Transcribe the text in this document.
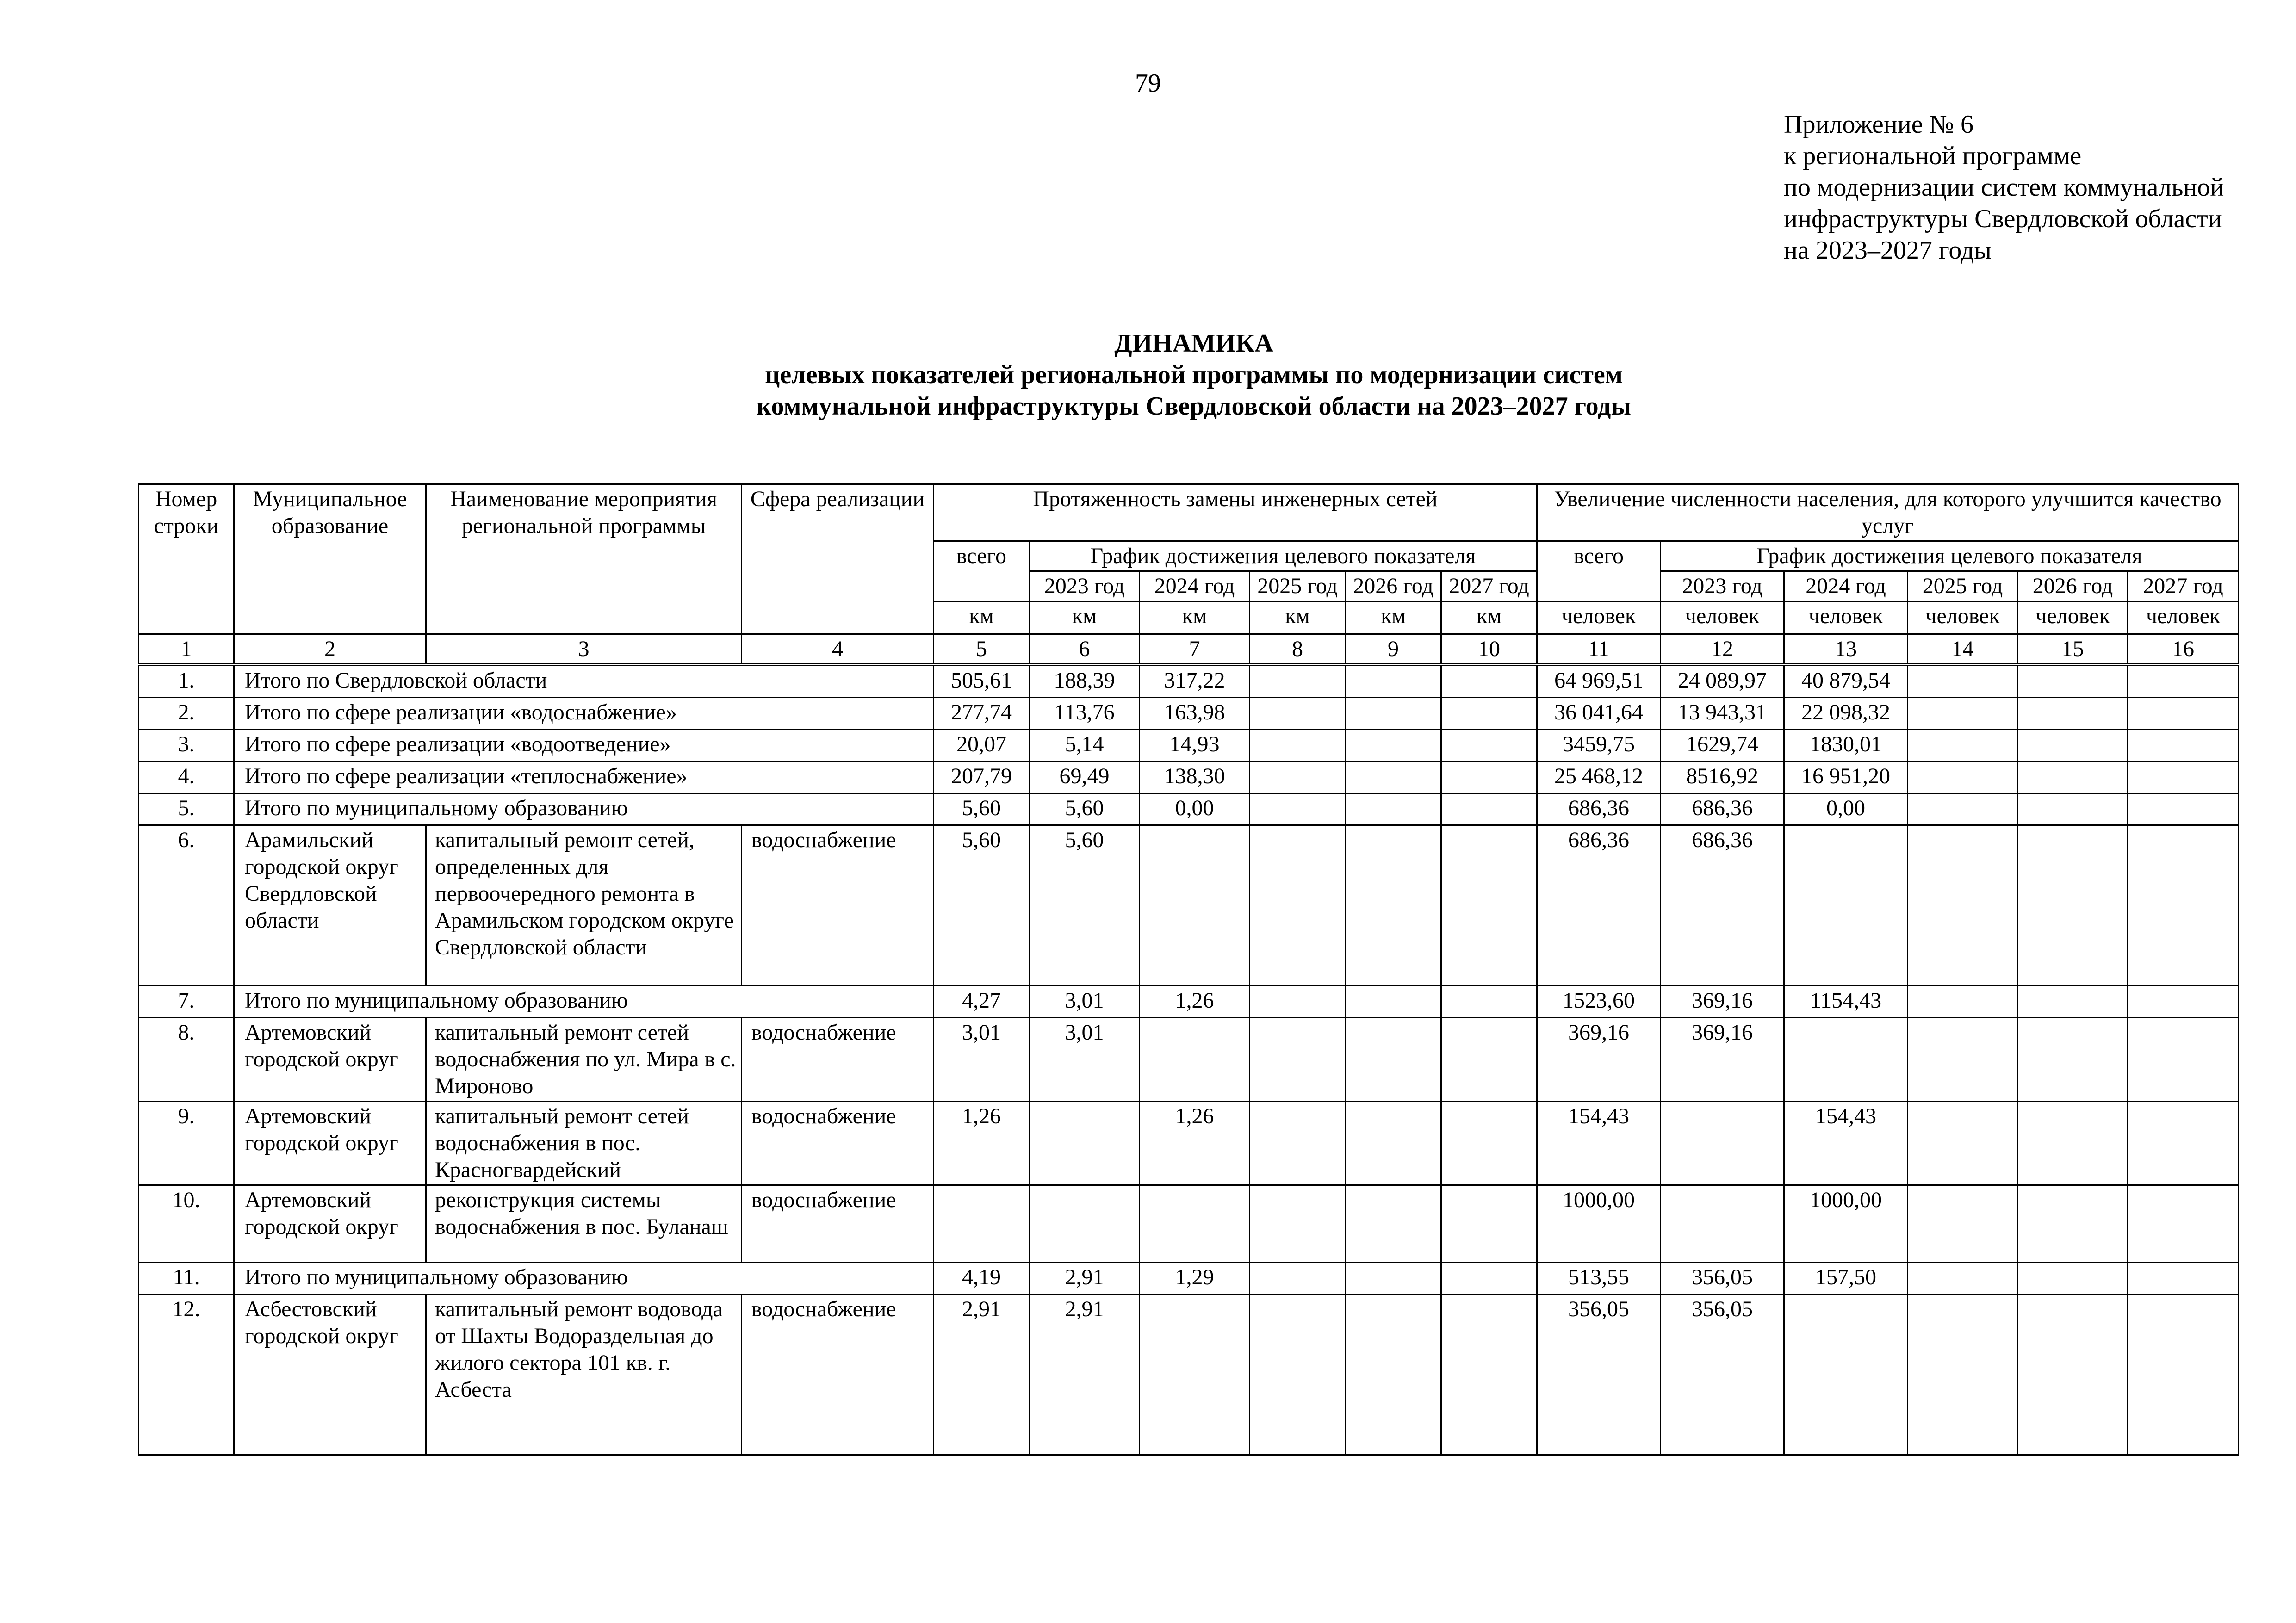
79
Приложение № 6
к региональной программе
по модернизации систем коммунальной
инфраструктуры Свердловской области
на 2023–2027 годы
ДИНАМИКА
целевых показателей региональной программы по модернизации систем
коммунальной инфраструктуры Свердловской области на 2023–2027 годы
Номер строки	Муниципальное образование	Наименование мероприятия региональной программы	Сфера реализации	Протяженность замены инженерных сетей						Увеличение численности населения, для которого улучшится качество услуг					
				всего	График достижения целевого показателя					всего	График достижения целевого показателя				
					2023 год	2024 год	2025 год	2026 год	2027 год		2023 год	2024 год	2025 год	2026 год	2027 год
				км	км	км	км	км	км	человек	человек	человек	человек	человек	человек
1	2	3	4	5	6	7	8	9	10	11	12	13	14	15	16
1.	Итого по Свердловской области			505,61	188,39	317,22				64 969,51	24 089,97	40 879,54			
2.	Итого по сфере реализации «водоснабжение»			277,74	113,76	163,98				36 041,64	13 943,31	22 098,32			
3.	Итого по сфере реализации «водоотведение»			20,07	5,14	14,93				3459,75	1629,74	1830,01			
4.	Итого по сфере реализации «теплоснабжение»			207,79	69,49	138,30				25 468,12	8516,92	16 951,20			
5.	Итого по муниципальному образованию			5,60	5,60	0,00				686,36	686,36	0,00			
6.	Арамильский городской округ Свердловской области	капитальный ремонт сетей, определенных для первоочередного ремонта в Арамильском городском округе Свердловской области	водоснабжение	5,60	5,60					686,36	686,36				
7.	Итого по муниципальному образованию			4,27	3,01	1,26				1523,60	369,16	1154,43			
8.	Артемовский городской округ	капитальный ремонт сетей водоснабжения по ул. Мира в с. Мироново	водоснабжение	3,01	3,01					369,16	369,16				
9.	Артемовский городской округ	капитальный ремонт сетей водоснабжения в пос. Красногвардейский	водоснабжение	1,26		1,26				154,43		154,43			
10.	Артемовский городской округ	реконструкция системы водоснабжения в пос. Буланаш	водоснабжение							1000,00		1000,00			
11.	Итого по муниципальному образованию			4,19	2,91	1,29				513,55	356,05	157,50			
12.	Асбестовский городской округ	капитальный ремонт водовода от Шахты Водораздельная до жилого сектора 101 кв. г. Асбеста	водоснабжение	2,91	2,91					356,05	356,05				
